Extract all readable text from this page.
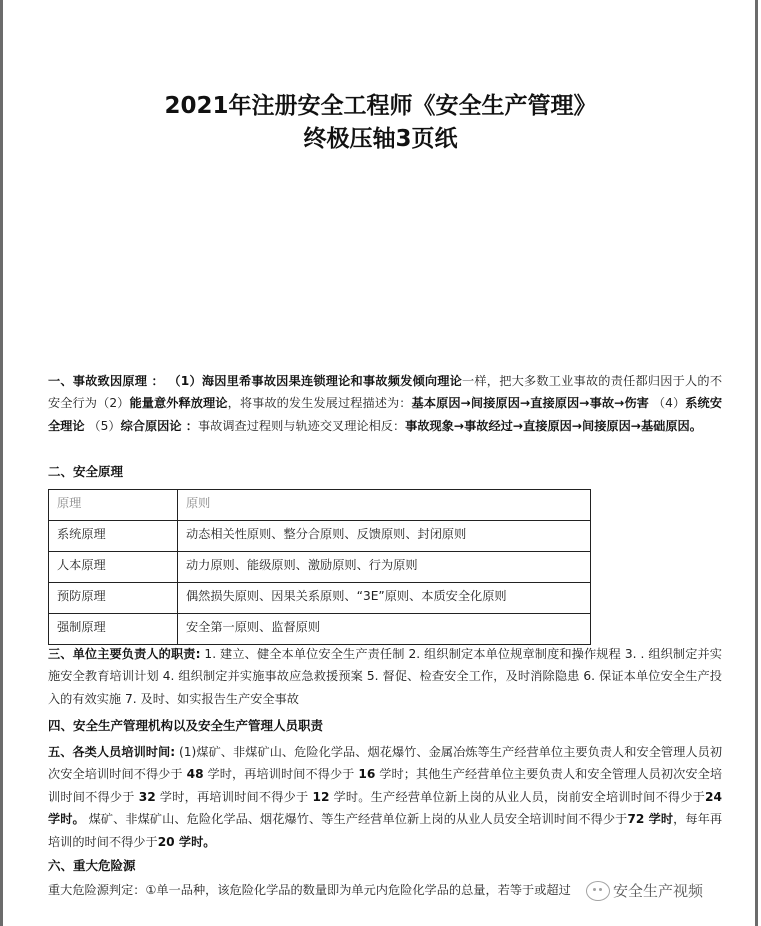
2021年注册安全工程师《安全生产管理》
终极压轴3页纸
一、事故致因原理 ： （1）海因里希事故因果连锁理论和事故频发倾向理论一样，把大多数工业事故的责任都归因于人的不安全行为（2）能量意外释放理论，将事故的发生发展过程描述为：基本原因→间接原因→直接原因→事故→伤害 （4）系统安全理论 （5）综合原因论 ：事故调查过程则与轨迹交叉理论相反：事故现象→事故经过→直接原因→间接原因→基础原因。
二、安全原理
原理	原则
系统原理	动态相关性原则、整分合原则、反馈原则、封闭原则
人本原理	动力原则、能级原则、激励原则、行为原则
预防原理	偶然损失原则、因果关系原则、“3E”原则、本质安全化原则
强制原理	安全第一原则、监督原则
三、单位主要负责人的职责: 1. 建立、健全本单位安全生产责任制 2. 组织制定本单位规章制度和操作规程 3. . 组织制定并实施安全教育培训计划 4. 组织制定并实施事故应急救援预案 5. 督促、检查安全工作，及时消除隐患 6. 保证本单位安全生产投入的有效实施 7. 及时、如实报告生产安全事故
四、安全生产管理机构以及安全生产管理人员职责
五、各类人员培训时间: (1)煤矿、非煤矿山、危险化学品、烟花爆竹、金属冶炼等生产经营单位主要负责人和安全管理人员初次安全培训时间不得少于 48 学时，再培训时间不得少于 16 学时；其他生产经营单位主要负责人和安全管理人员初次安全培训时间不得少于 32 学时，再培训时间不得少于 12 学时。生产经营单位新上岗的从业人员，岗前安全培训时间不得少于24 学时。 煤矿、非煤矿山、危险化学品、烟花爆竹、等生产经营单位新上岗的从业人员安全培训时间不得少于72 学时，每年再培训的时间不得少于20 学时。
六、重大危险源
重大危险源判定：①单一品种，该危险化学品的数量即为单元内危险化学品的总量，若等于或超过	安全生产视频
